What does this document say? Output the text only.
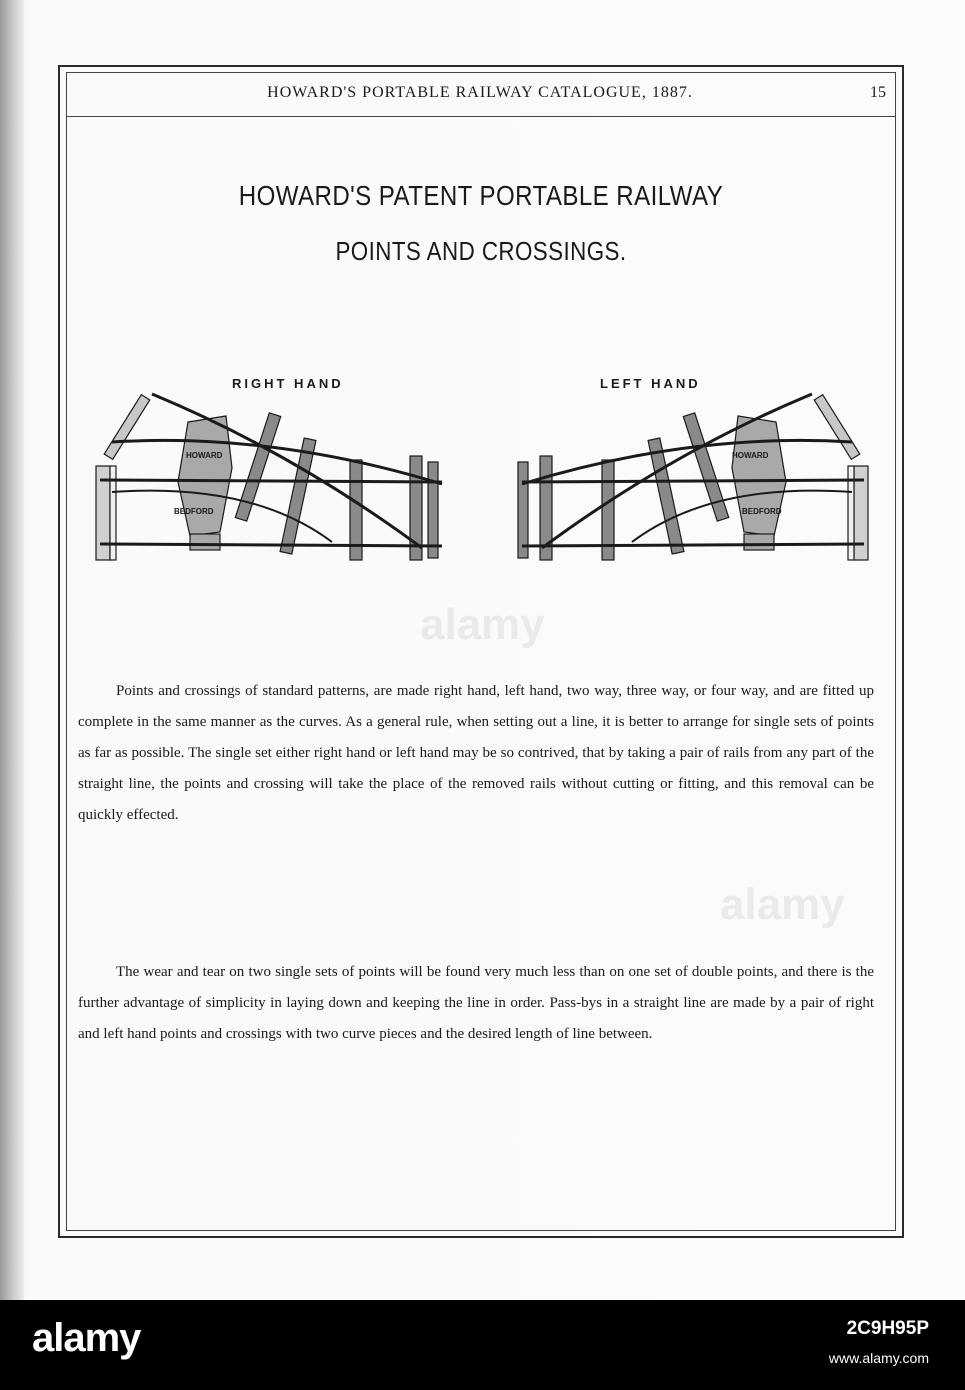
alamy
alamy
HOWARD'S PORTABLE RAILWAY CATALOGUE, 1887.	15
HOWARD'S PATENT PORTABLE RAILWAY
POINTS AND CROSSINGS.
RIGHT HAND	LEFT HAND
HOWARD
BEDFORD
HOWARD
BEDFORD

Points and crossings of standard patterns, are made right hand, left hand, two way, three way, or four way, and are fitted up complete in the same manner as the curves. As a general rule, when setting out a line, it is better to arrange for single sets of points as far as possible. The single set either right hand or left hand may be so contrived, that by taking a pair of rails from any part of the straight line, the points and crossing will take the place of the removed rails without cutting or fitting, and this removal can be quickly effected.

The wear and tear on two single sets of points will be found very much less than on one set of double points, and there is the further advantage of simplicity in laying down and keeping the line in order. Pass-bys in a straight line are made by a pair of right and left hand points and crossings with two curve pieces and the desired length of line between.

alamy	2C9H95P
www.alamy.com
